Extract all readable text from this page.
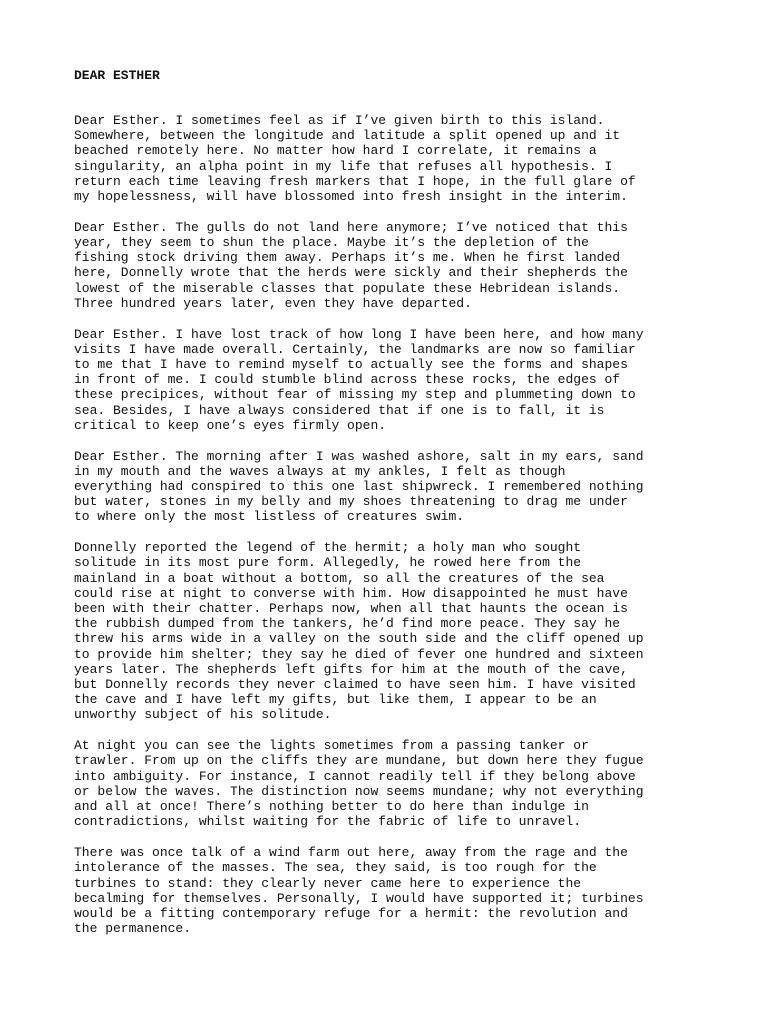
DEAR ESTHER

Dear Esther. I sometimes feel as if I’ve given birth to this island.
Somewhere, between the longitude and latitude a split opened up and it
beached remotely here. No matter how hard I correlate, it remains a
singularity, an alpha point in my life that refuses all hypothesis. I
return each time leaving fresh markers that I hope, in the full glare of
my hopelessness, will have blossomed into fresh insight in the interim.

Dear Esther. The gulls do not land here anymore; I’ve noticed that this
year, they seem to shun the place. Maybe it’s the depletion of the
fishing stock driving them away. Perhaps it’s me. When he first landed
here, Donnelly wrote that the herds were sickly and their shepherds the
lowest of the miserable classes that populate these Hebridean islands.
Three hundred years later, even they have departed.

Dear Esther. I have lost track of how long I have been here, and how many
visits I have made overall. Certainly, the landmarks are now so familiar
to me that I have to remind myself to actually see the forms and shapes
in front of me. I could stumble blind across these rocks, the edges of
these precipices, without fear of missing my step and plummeting down to
sea. Besides, I have always considered that if one is to fall, it is
critical to keep one’s eyes firmly open.

Dear Esther. The morning after I was washed ashore, salt in my ears, sand
in my mouth and the waves always at my ankles, I felt as though
everything had conspired to this one last shipwreck. I remembered nothing
but water, stones in my belly and my shoes threatening to drag me under
to where only the most listless of creatures swim.

Donnelly reported the legend of the hermit; a holy man who sought
solitude in its most pure form. Allegedly, he rowed here from the
mainland in a boat without a bottom, so all the creatures of the sea
could rise at night to converse with him. How disappointed he must have
been with their chatter. Perhaps now, when all that haunts the ocean is
the rubbish dumped from the tankers, he’d find more peace. They say he
threw his arms wide in a valley on the south side and the cliff opened up
to provide him shelter; they say he died of fever one hundred and sixteen
years later. The shepherds left gifts for him at the mouth of the cave,
but Donnelly records they never claimed to have seen him. I have visited
the cave and I have left my gifts, but like them, I appear to be an
unworthy subject of his solitude.

At night you can see the lights sometimes from a passing tanker or
trawler. From up on the cliffs they are mundane, but down here they fugue
into ambiguity. For instance, I cannot readily tell if they belong above
or below the waves. The distinction now seems mundane; why not everything
and all at once! There’s nothing better to do here than indulge in
contradictions, whilst waiting for the fabric of life to unravel.

There was once talk of a wind farm out here, away from the rage and the
intolerance of the masses. The sea, they said, is too rough for the
turbines to stand: they clearly never came here to experience the
becalming for themselves. Personally, I would have supported it; turbines
would be a fitting contemporary refuge for a hermit: the revolution and
the permanence.
